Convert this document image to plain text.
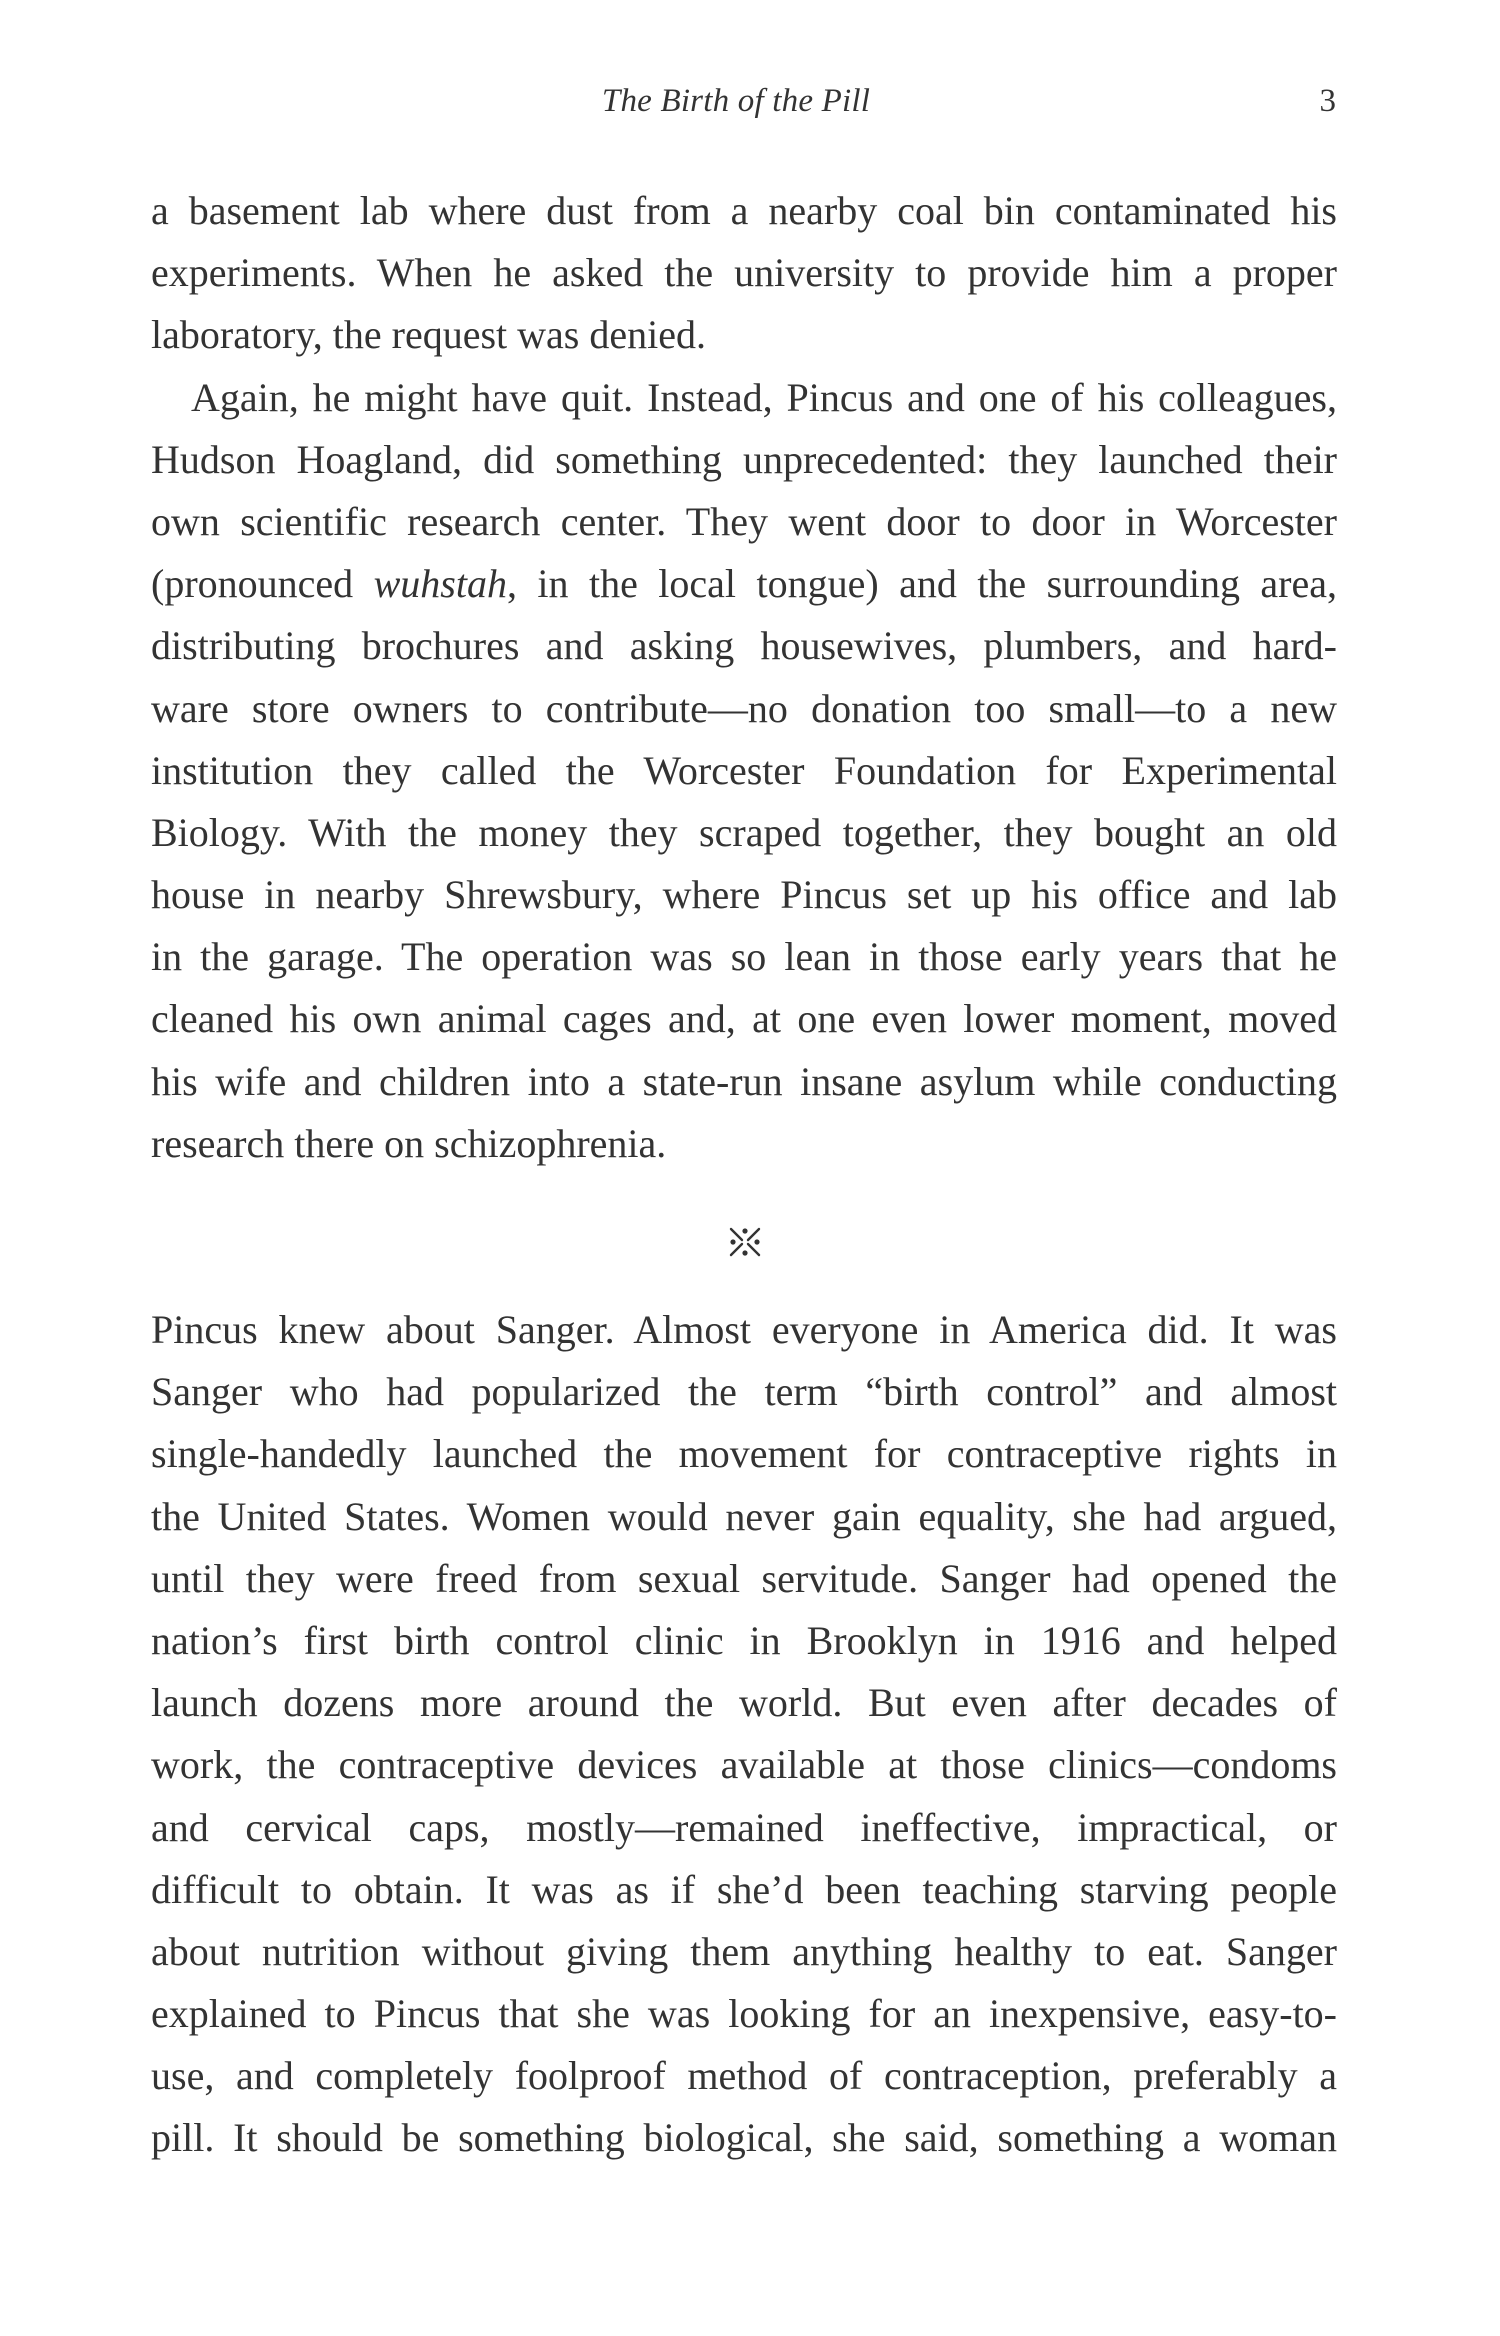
The Birth of the Pill	3
a basement lab where dust from a nearby coal bin contaminated his
experiments. When he asked the university to provide him a proper
laboratory, the request was denied.
Again, he might have quit. Instead, Pincus and one of his colleagues,
Hudson Hoagland, did something unprecedented: they launched their
own scientific research center. They went door to door in Worcester
(pronounced wuhstah, in the local tongue) and the surrounding area,
distributing brochures and asking housewives, plumbers, and hard-
ware store owners to contribute—no donation too small—to a new
institution they called the Worcester Foundation for Experimental
Biology. With the money they scraped together, they bought an old
house in nearby Shrewsbury, where Pincus set up his office and lab
in the garage. The operation was so lean in those early years that he
cleaned his own animal cages and, at one even lower moment, moved
his wife and children into a state-run insane asylum while conducting
research there on schizophrenia.
Pincus knew about Sanger. Almost everyone in America did. It was
Sanger who had popularized the term “birth control” and almost
single-handedly launched the movement for contraceptive rights in
the United States. Women would never gain equality, she had argued,
until they were freed from sexual servitude. Sanger had opened the
nation’s first birth control clinic in Brooklyn in 1916 and helped
launch dozens more around the world. But even after decades of
work, the contraceptive devices available at those clinics—condoms
and cervical caps, mostly—remained ineffective, impractical, or
difficult to obtain. It was as if she’d been teaching starving people
about nutrition without giving them anything healthy to eat. Sanger
explained to Pincus that she was looking for an inexpensive, easy-to-
use, and completely foolproof method of contraception, preferably a
pill. It should be something biological, she said, something a woman
